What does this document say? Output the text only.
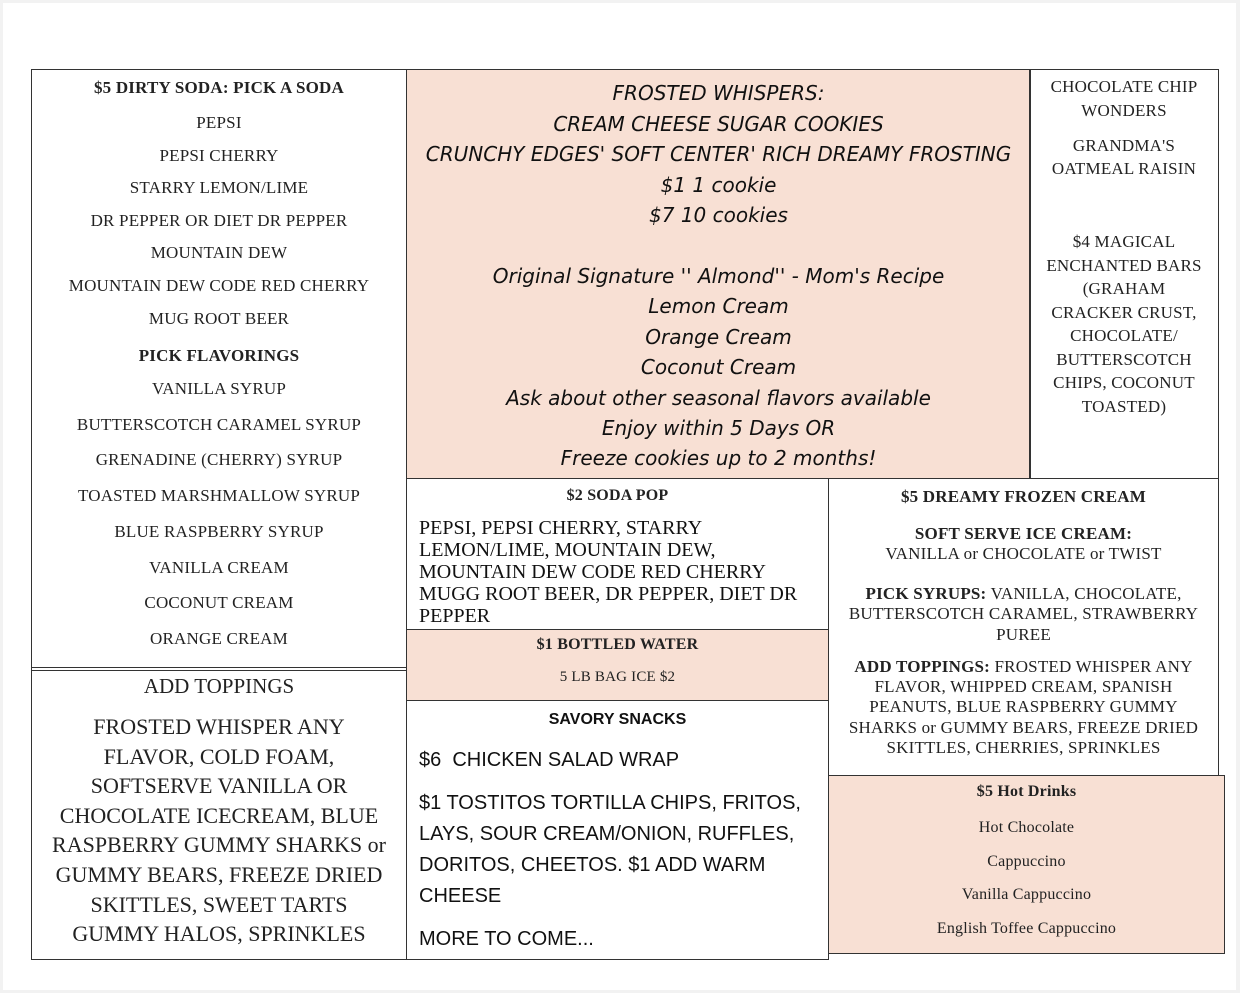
$5 DIRTY SODA: PICK A SODA
PEPSI
PEPSI CHERRY
STARRY LEMON/LIME
DR PEPPER OR DIET DR PEPPER
MOUNTAIN DEW
MOUNTAIN DEW CODE RED CHERRY
MUG ROOT BEER
PICK FLAVORINGS
VANILLA SYRUP
BUTTERSCOTCH CARAMEL SYRUP
GRENADINE (CHERRY) SYRUP
TOASTED MARSHMALLOW SYRUP
BLUE RASPBERRY SYRUP
VANILLA CREAM
COCONUT CREAM
ORANGE CREAM
ADD TOPPINGS
FROSTED WHISPER ANY
FLAVOR, COLD FOAM,
SOFTSERVE VANILLA OR
CHOCOLATE ICECREAM, BLUE
RASPBERRY GUMMY SHARKS or
GUMMY BEARS, FREEZE DRIED
SKITTLES, SWEET TARTS
GUMMY HALOS, SPRINKLES
FROSTED WHISPERS:
CREAM CHEESE SUGAR COOKIES
CRUNCHY EDGES' SOFT CENTER' RICH DREAMY FROSTING
$1 1 cookie
$7 10 cookies
Original Signature '' Almond'' - Mom's Recipe
Lemon Cream
Orange Cream
Coconut Cream
Ask about other seasonal flavors available
Enjoy within 5 Days OR
Freeze cookies up to 2 months!
CHOCOLATE CHIP
WONDERS
GRANDMA'S
OATMEAL RAISIN
$4 MAGICAL
ENCHANTED BARS
(GRAHAM
CRACKER CRUST,
CHOCOLATE/
BUTTERSCOTCH
CHIPS, COCONUT
TOASTED)
$2 SODA POP
PEPSI, PEPSI CHERRY, STARRY
LEMON/LIME, MOUNTAIN DEW,
MOUNTAIN DEW CODE RED CHERRY
MUGG ROOT BEER, DR PEPPER, DIET DR
PEPPER
$1 BOTTLED WATER
5 LB BAG ICE $2
SAVORY SNACKS
$6  CHICKEN SALAD WRAP
$1 TOSTITOS TORTILLA CHIPS, FRITOS,
LAYS, SOUR CREAM/ONION, RUFFLES,
DORITOS, CHEETOS. $1 ADD WARM
CHEESE
MORE TO COME...
$5 DREAMY FROZEN CREAM
SOFT SERVE ICE CREAM:
VANILLA or CHOCOLATE or TWIST
PICK SYRUPS: VANILLA, CHOCOLATE,
BUTTERSCOTCH CARAMEL, STRAWBERRY
PUREE
ADD TOPPINGS: FROSTED WHISPER ANY
FLAVOR, WHIPPED CREAM, SPANISH
PEANUTS, BLUE RASPBERRY GUMMY
SHARKS or GUMMY BEARS, FREEZE DRIED
SKITTLES, CHERRIES, SPRINKLES
$5 Hot Drinks
Hot Chocolate
Cappuccino
Vanilla Cappuccino
English Toffee Cappuccino
